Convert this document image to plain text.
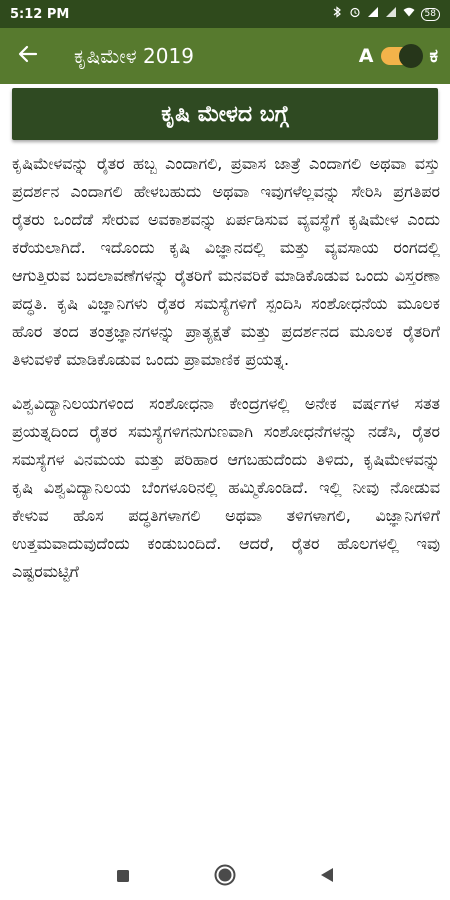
5:12 PM	58
ಕೃಷಿಮೇಳ 2019	A	ಕ
ಕೃಷಿ ಮೇಳದ ಬಗ್ಗೆ

ಕೃಷಿಮೇಳವನ್ನು ರೈತರ ಹಬ್ಬ ಎಂದಾಗಲಿ, ಪ್ರವಾಸ ಜಾತ್ರೆ ಎಂದಾಗಲಿ ಅಥವಾ ವಸ್ತು ಪ್ರದರ್ಶನ ಎಂದಾಗಲಿ ಹೇಳಬಹುದು ಅಥವಾ ಇವುಗಳೆಲ್ಲವನ್ನು ಸೇರಿಸಿ ಪ್ರಗತಿಪರ ರೈತರು ಒಂದೆಡೆ ಸೇರುವ ಅವಕಾಶವನ್ನು ಏರ್ಪಡಿಸುವ ವ್ಯವಸ್ಥೆಗೆ ಕೃಷಿಮೇಳ ಎಂದು ಕರೆಯಲಾಗಿದೆ. ಇದೊಂದು ಕೃಷಿ ವಿಜ್ಞಾನದಲ್ಲಿ ಮತ್ತು ವ್ಯವಸಾಯ ರಂಗದಲ್ಲಿ ಆಗುತ್ತಿರುವ ಬದಲಾವಣೆಗಳನ್ನು ರೈತರಿಗೆ ಮನವರಿಕೆ ಮಾಡಿಕೊಡುವ ಒಂದು ವಿಸ್ತರಣಾ ಪದ್ಧತಿ. ಕೃಷಿ ವಿಜ್ಞಾನಿಗಳು ರೈತರ ಸಮಸ್ಯೆಗಳಿಗೆ ಸ್ಪಂದಿಸಿ ಸಂಶೋಧನೆಯ ಮೂಲಕ ಹೊರ ತಂದ ತಂತ್ರಜ್ಞಾನಗಳನ್ನು ಪ್ರಾತ್ಯಕ್ಷತೆ ಮತ್ತು ಪ್ರದರ್ಶನದ ಮೂಲಕ ರೈತರಿಗೆ ತಿಳುವಳಿಕೆ ಮಾಡಿಕೊಡುವ ಒಂದು ಪ್ರಾಮಾಣಿಕ ಪ್ರಯತ್ನ.

ವಿಶ್ವವಿದ್ಯಾನಿಲಯಗಳಿಂದ ಸಂಶೋಧನಾ ಕೇಂದ್ರಗಳಲ್ಲಿ ಅನೇಕ ವರ್ಷಗಳ ಸತತ ಪ್ರಯತ್ನದಿಂದ ರೈತರ ಸಮಸ್ಯೆಗಳಿಗನುಗುಣವಾಗಿ ಸಂಶೋಧನೆಗಳನ್ನು ನಡೆಸಿ, ರೈತರ ಸಮಸ್ಯೆಗಳ ವಿನಮಯ ಮತ್ತು ಪರಿಹಾರ ಆಗಬಹುದೆಂದು ತಿಳಿದು, ಕೃಷಿಮೇಳವನ್ನು ಕೃಷಿ ವಿಶ್ವವಿದ್ಯಾನಿಲಯ ಬೆಂಗಳೂರಿನಲ್ಲಿ ಹಮ್ಮಿಕೊಂಡಿದೆ. ಇಲ್ಲಿ ನೀವು ನೋಡುವ ಕೇಳುವ ಹೊಸ ಪದ್ಧತಿಗಳಾಗಲಿ ಅಥವಾ ತಳಿಗಳಾಗಲಿ, ವಿಜ್ಞಾನಿಗಳಿಗೆ ಉತ್ತಮವಾದುವುದೆಂದು ಕಂಡುಬಂದಿದೆ. ಆದರೆ, ರೈತರ ಹೊಲಗಳಲ್ಲಿ ಇವು ಎಷ್ಟರಮಟ್ಟಿಗೆ
